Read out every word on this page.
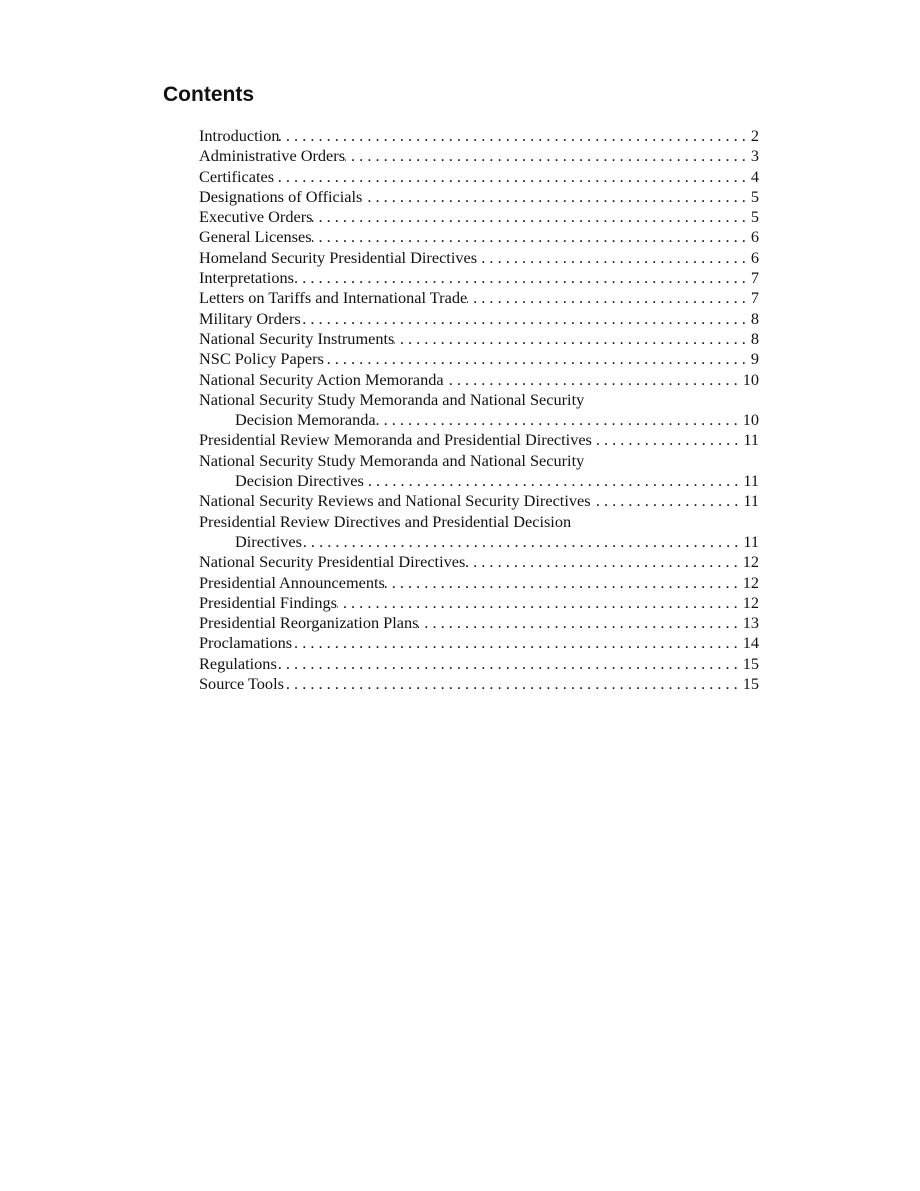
Contents
Introduction . . .	2
Administrative Orders . . .	3
Certificates . . .	4
Designations of Officials . . .	5
Executive Orders . . .	5
General Licenses . . .	6
Homeland Security Presidential Directives . . .	6
Interpretations . . .	7
Letters on Tariffs and International Trade . . .	7
Military Orders . . .	8
National Security Instruments . . .	8
NSC Policy Papers . . .	9
National Security Action Memoranda . . .	10
National Security Study Memoranda and National Security
Decision Memoranda . . .	10
Presidential Review Memoranda and Presidential Directives . . .	11
National Security Study Memoranda and National Security
Decision Directives . . .	11
National Security Reviews and National Security Directives . . .	11
Presidential Review Directives and Presidential Decision
Directives . . .	11
National Security Presidential Directives . . .	12
Presidential Announcements . . .	12
Presidential Findings . . .	12
Presidential Reorganization Plans . . .	13
Proclamations . . .	14
Regulations . . .	15
Source Tools . . .	15
